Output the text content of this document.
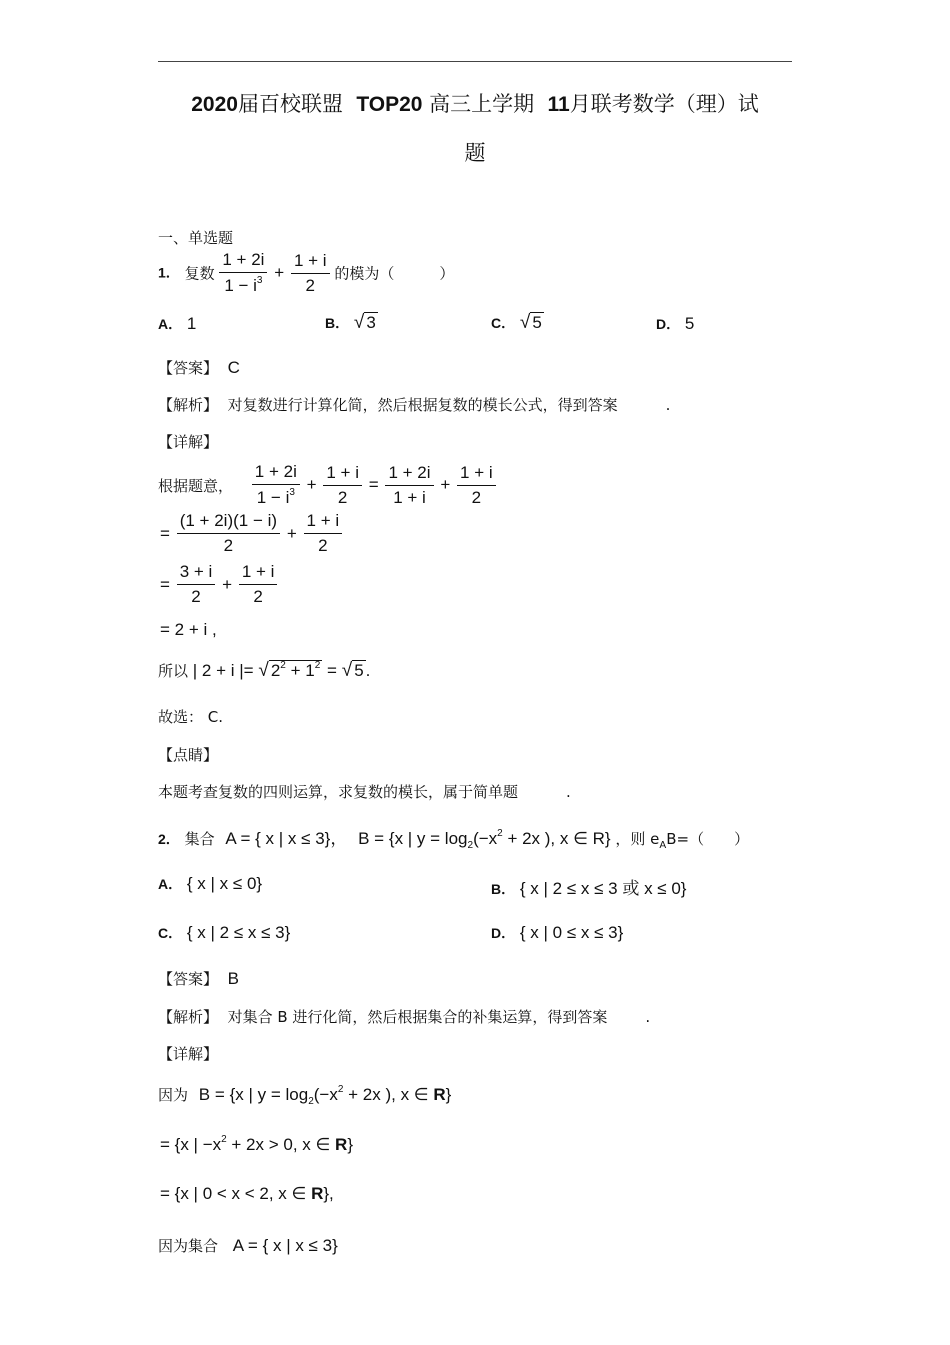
2020届百校联盟 TOP20 高三上学期 11月联考数学（理）试
题
一、单选题
1． 复数 $\frac{1 + 2i}{1 - i^3} + \frac{1 + i}{2}$ 的模为（　　　）
A． 1	B． √ 3	C． √ 5	D． 5
【答案】 C
【解析】 对复数进行计算化简，然后根据复数的模长公式，得到答案	.
【详解】
根据题意， $\frac{1 + 2i}{1 - i^3} + \frac{1 + i}{2} = \frac{1 + 2i}{1 + i} + \frac{1 + i}{2}$
= $\frac{(1 + 2i)(1 - i)}{2} + \frac{1 + i}{2}$
= $\frac{3 + i}{2} + \frac{1 + i}{2}$
= 2 + i ,
所以 | 2 + i |= √ $2^2 + 1^2$ = √ 5 .
故选： C.
【点睛】
本题考查复数的四则运算，求复数的模长，属于简单题	.
2． 集合 A = { x | x ≤ 3}， B = {x | $y = \log_2(-x^2 + 2x$ ), x ∈ R} ，则 $e_AB=$（　　）
A． { x | x ≤ 0}	B． { x | 2 ≤ x ≤ 3 或 x ≤ 0}
C． { x | 2 ≤ x ≤ 3}	D． { x | 0 ≤ x ≤ 3}
【答案】 B
【解析】 对集合 B 进行化简，然后根据集合的补集运算，得到答案	.
【详解】
因为 B = {x | $y = \log_2(-x^2 + 2x$ ), x ∈ R}
= {x | $-x^2 + 2x > 0$, x ∈ R}
= {x | 0 < x < 2, x ∈ R},
因为集合 A = { x | x ≤ 3}
